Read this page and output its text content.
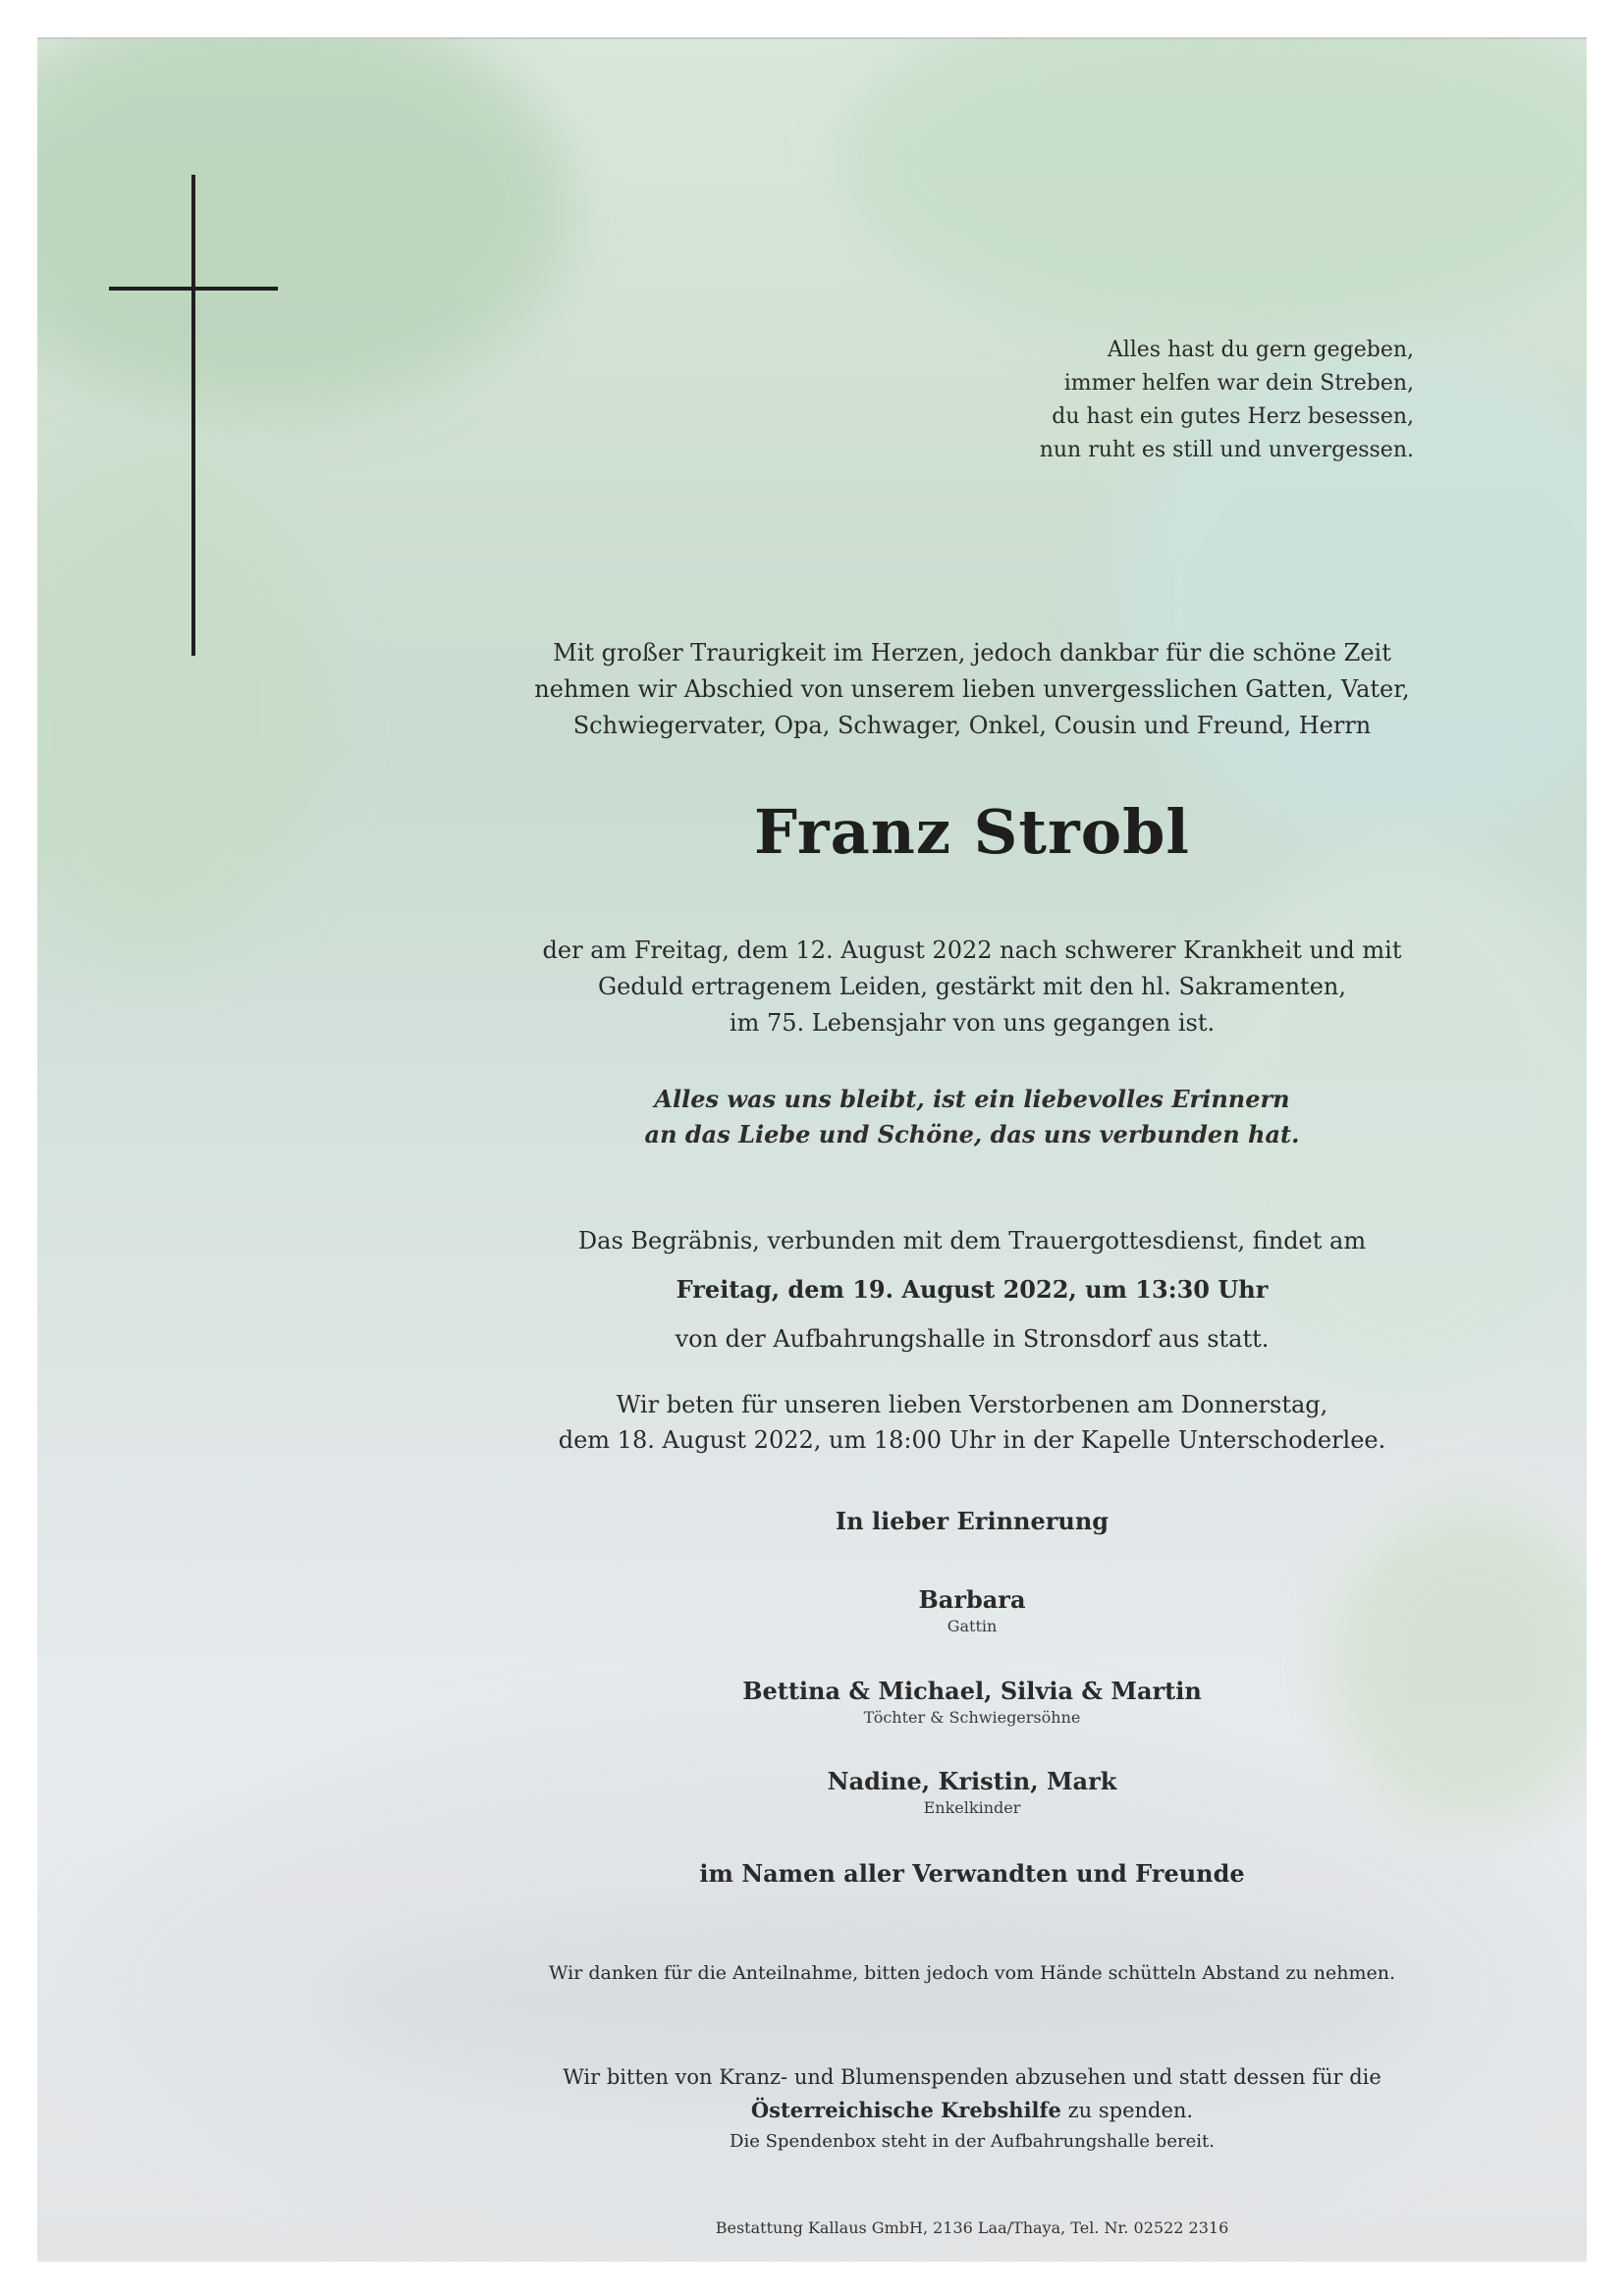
Alles hast du gern gegeben,
immer helfen war dein Streben,
du hast ein gutes Herz besessen,
nun ruht es still und unvergessen.
Mit großer Traurigkeit im Herzen, jedoch dankbar für die schöne Zeit
nehmen wir Abschied von unserem lieben unvergesslichen Gatten, Vater,
Schwiegervater, Opa, Schwager, Onkel, Cousin und Freund, Herrn
Franz Strobl
der am Freitag, dem 12. August 2022 nach schwerer Krankheit und mit
Geduld ertragenem Leiden, gestärkt mit den hl. Sakramenten,
im 75. Lebensjahr von uns gegangen ist.
Alles was uns bleibt, ist ein liebevolles Erinnern
an das Liebe und Schöne, das uns verbunden hat.
Das Begräbnis, verbunden mit dem Trauergottesdienst, findet am
Freitag, dem 19. August 2022, um 13:30 Uhr
von der Aufbahrungshalle in Stronsdorf aus statt.
Wir beten für unseren lieben Verstorbenen am Donnerstag,
dem 18. August 2022, um 18:00 Uhr in der Kapelle Unterschoderlee.
In lieber Erinnerung
Barbara
Gattin
Bettina & Michael, Silvia & Martin
Töchter & Schwiegersöhne
Nadine, Kristin, Mark
Enkelkinder
im Namen aller Verwandten und Freunde
Wir danken für die Anteilnahme, bitten jedoch vom Hände schütteln Abstand zu nehmen.
Wir bitten von Kranz- und Blumenspenden abzusehen und statt dessen für die
Österreichische Krebshilfe zu spenden.
Die Spendenbox steht in der Aufbahrungshalle bereit.
Bestattung Kallaus GmbH, 2136 Laa/Thaya, Tel. Nr. 02522 2316
